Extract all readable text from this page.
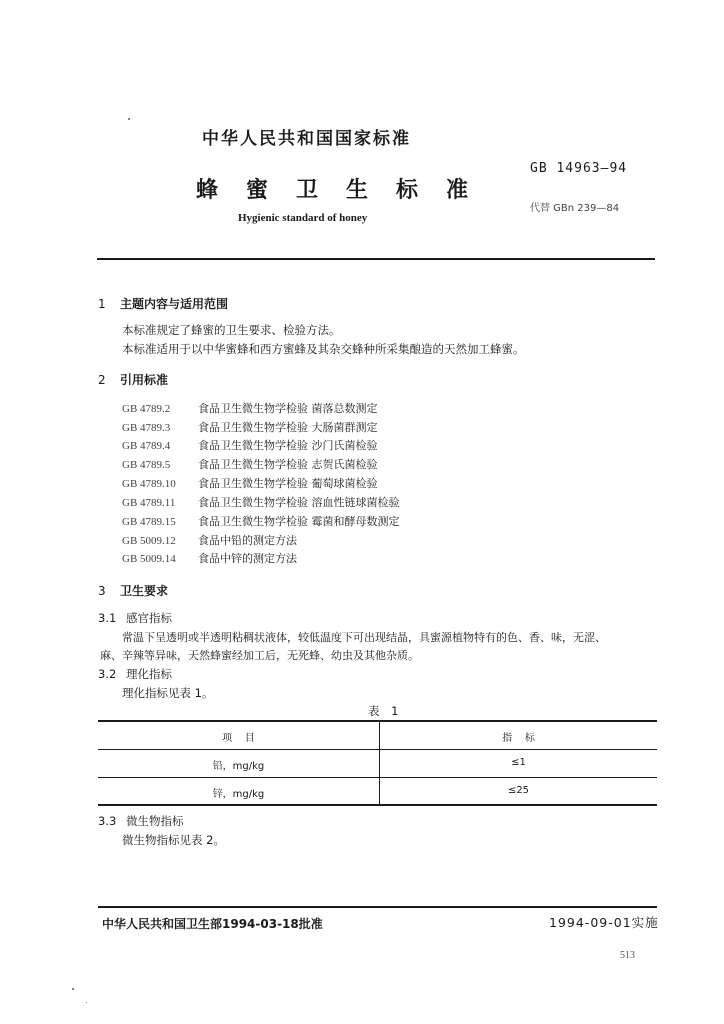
中华人民共和国国家标准
GB 14963—94
蜂蜜卫生标准
代替 GBn 239—84
Hygienic standard of honey
1 主题内容与适用范围
本标准规定了蜂蜜的卫生要求、检验方法。
本标准适用于以中华蜜蜂和西方蜜蜂及其杂交蜂种所采集酿造的天然加工蜂蜜。
2 引用标准
GB 4789.2	食品卫生微生物学检验 菌落总数测定
GB 4789.3	食品卫生微生物学检验 大肠菌群测定
GB 4789.4	食品卫生微生物学检验 沙门氏菌检验
GB 4789.5	食品卫生微生物学检验 志贺氏菌检验
GB 4789.10 食品卫生微生物学检验 葡萄球菌检验
GB 4789.11 食品卫生微生物学检验 溶血性链球菌检验
GB 4789.15 食品卫生微生物学检验 霉菌和酵母数测定
GB 5009.12 食品中铅的测定方法
GB 5009.14 食品中锌的测定方法
3 卫生要求
3.1 感官指标
常温下呈透明或半透明粘稠状液体，较低温度下可出现结晶，具蜜源植物特有的色、香、味，无涩、
麻、辛辣等异味，天然蜂蜜经加工后，无死蜂、幼虫及其他杂质。
3.2 理化指标
理化指标见表 1。
表 1
项    目	指    标
铅，mg/kg	≤1
锌，mg/kg	≤25
3.3 微生物指标
微生物指标见表 2。
中华人民共和国卫生部1994-03-18批准	1994-09-01实施
513
